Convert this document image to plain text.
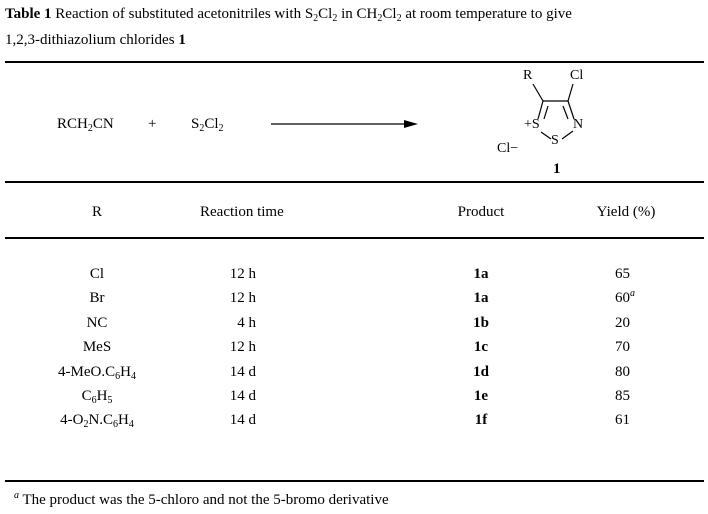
Table 1 Reaction of substituted acetonitriles with $S_2Cl_2$ in $CH_2Cl_2$ at room temperature to give
1,2,3-dithiazolium chlorides 1
$RCH_2CN + S_2Cl_2$
R	Cl
+S N
S
Cl−
1
R	Reaction time	Product	Yield (%)
Cl	12 h	1a	65
Br	12 h	1a	60$^a$
NC	4 h	1b	20
MeS	12 h	1c	70
$4-MeO.C_6H_4$	14 d	1d	80
$C_6H_5$	14 d	1e	85
$4-O_2N.C_6H_4$	14 d	1f	61
$^a$ The product was the 5-chloro and not the 5-bromo derivative
